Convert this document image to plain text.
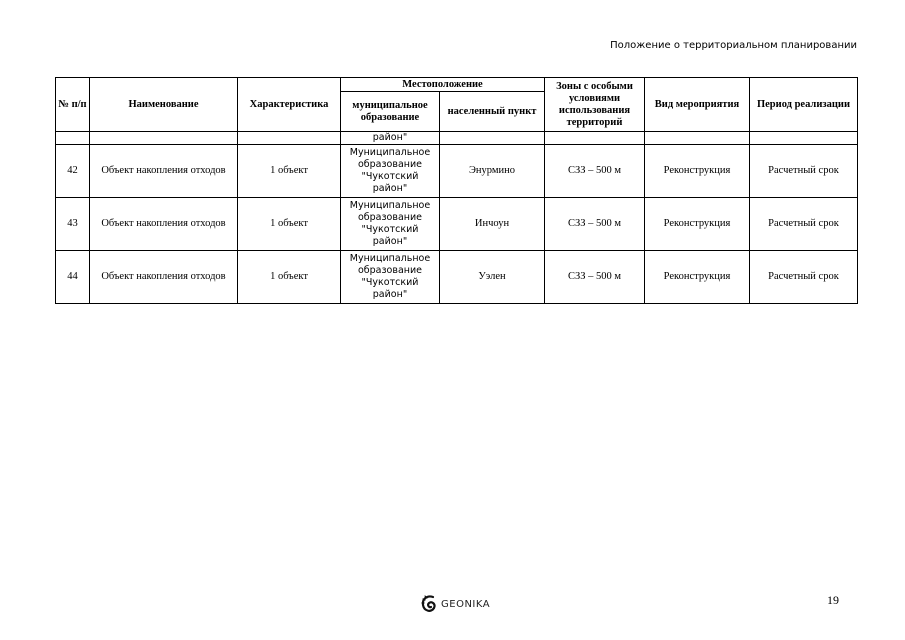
Положение о территориальном планировании
№ п/п	Наименование	Характеристика	Местоположение		Зоны с особыми условиями использования территорий	Вид мероприятия	Период реализации
			муниципальное образование	населенный пункт			
			район"				
42	Объект накопления отходов	1 объект	Муниципальное образование "Чукотский район"	Энурмино	СЗЗ – 500 м	Реконструкция	Расчетный срок
43	Объект накопления отходов	1 объект	Муниципальное образование "Чукотский район"	Инчоун	СЗЗ – 500 м	Реконструкция	Расчетный срок
44	Объект накопления отходов	1 объект	Муниципальное образование "Чукотский район"	Уэлен	СЗЗ – 500 м	Реконструкция	Расчетный срок
GEONIKA	19
